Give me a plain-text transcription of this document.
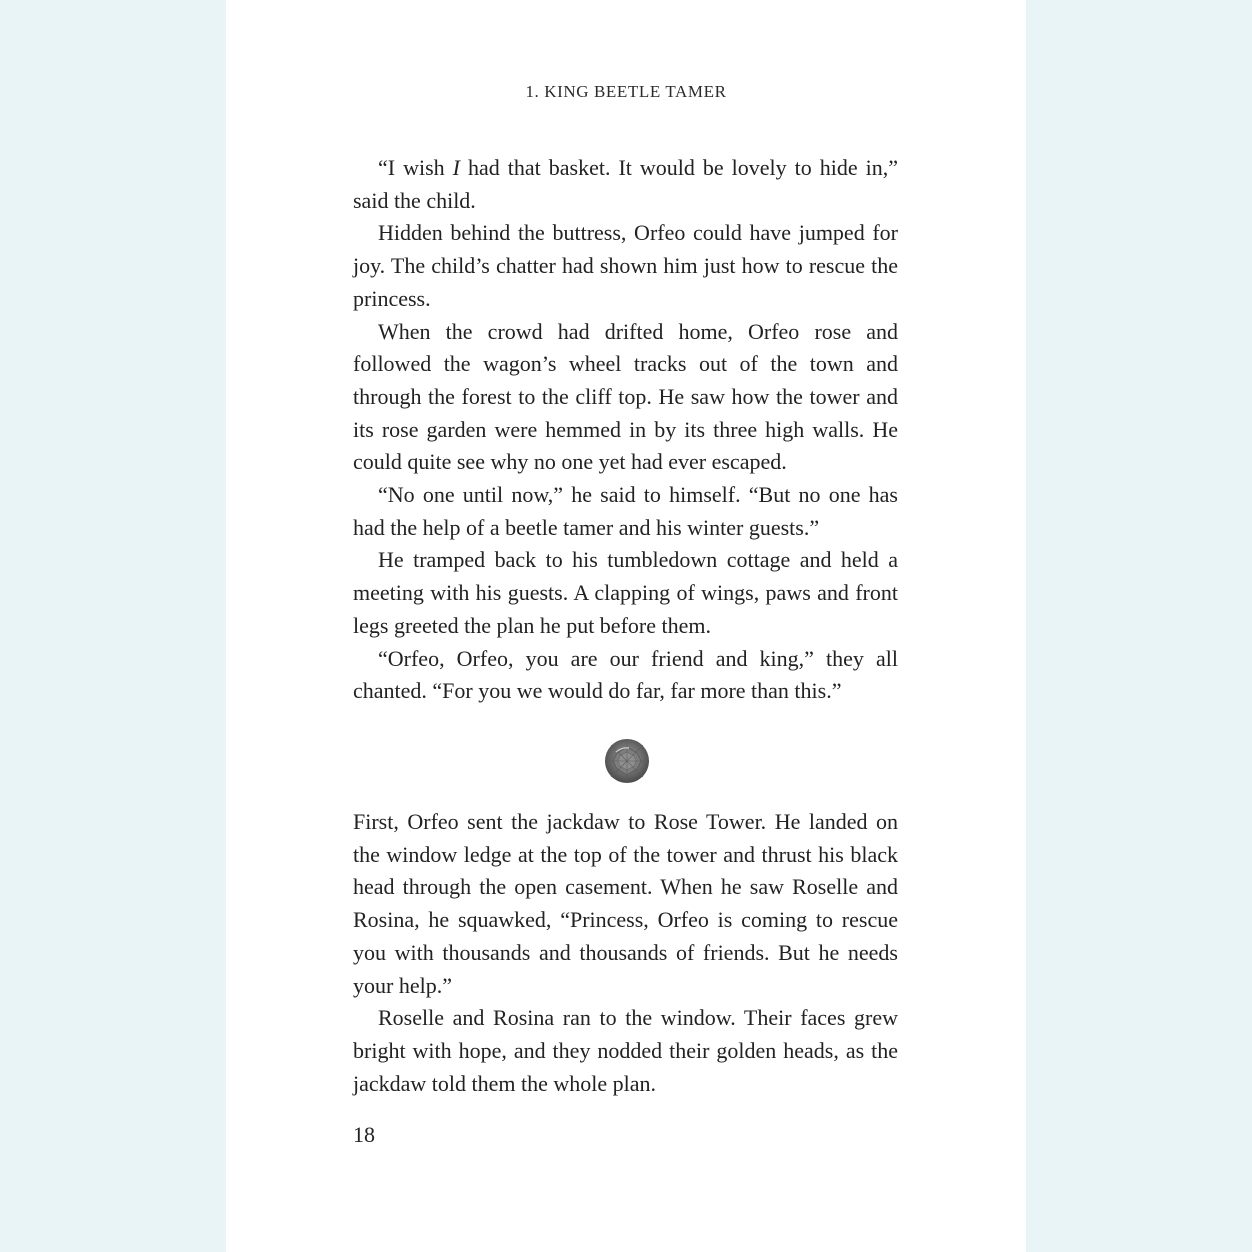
1. KING BEETLE TAMER

“I wish I had that basket. It would be lovely to hide in,” said the child.

Hidden behind the buttress, Orfeo could have jumped for joy. The child’s chatter had shown him just how to rescue the princess.

When the crowd had drifted home, Orfeo rose and followed the wagon’s wheel tracks out of the town and through the forest to the cliff top. He saw how the tower and its rose garden were hemmed in by its three high walls. He could quite see why no one yet had ever escaped.

“No one until now,” he said to himself. “But no one has had the help of a beetle tamer and his winter guests.”

He tramped back to his tumbledown cottage and held a meeting with his guests. A clapping of wings, paws and front legs greeted the plan he put before them.

“Orfeo, Orfeo, you are our friend and king,” they all chanted. “For you we would do far, far more than this.”

First, Orfeo sent the jackdaw to Rose Tower. He landed on the window ledge at the top of the tower and thrust his black head through the open casement. When he saw Roselle and Rosina, he squawked, “Princess, Orfeo is coming to rescue you with thousands and thousands of friends. But he needs your help.”

Roselle and Rosina ran to the window. Their faces grew bright with hope, and they nodded their golden heads, as the jackdaw told them the whole plan.

18
